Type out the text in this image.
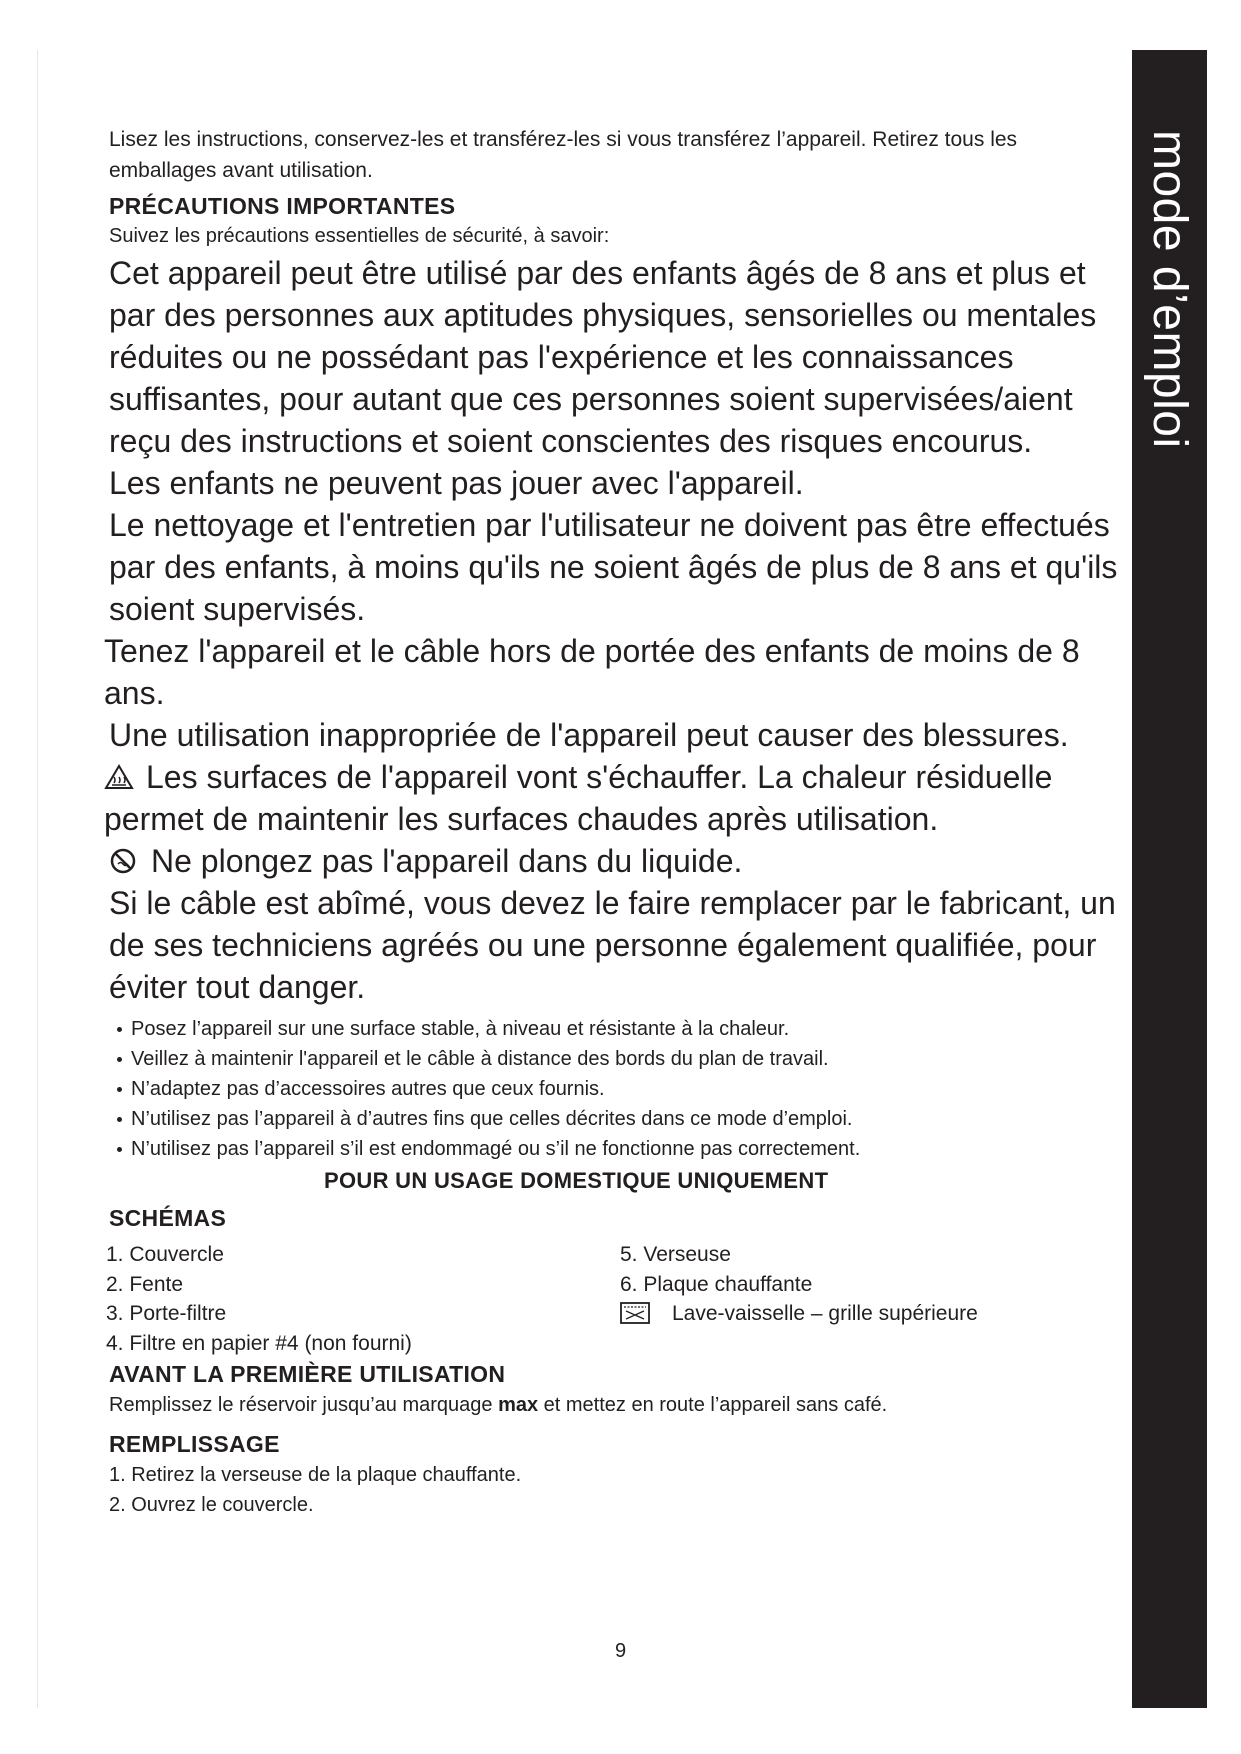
mode d’emploi

Lisez les instructions, conservez-les et transférez-les si vous transférez l’appareil. Retirez tous les emballages avant utilisation.

PRÉCAUTIONS IMPORTANTES

Suivez les précautions essentielles de sécurité, à savoir:

Cet appareil peut être utilisé par des enfants âgés de 8 ans et plus et par des personnes aux aptitudes physiques, sensorielles ou mentales réduites ou ne possédant pas l'expérience et les connaissances suffisantes, pour autant que ces personnes soient supervisées/aient reçu des instructions et soient conscientes des risques encourus.

Les enfants ne peuvent pas jouer avec l'appareil.

Le nettoyage et l'entretien par l'utilisateur ne doivent pas être effectués par des enfants, à moins qu'ils ne soient âgés de plus de 8 ans et qu'ils soient supervisés.

Tenez l'appareil et le câble hors de portée des enfants de moins de 8 ans.

Une utilisation inappropriée de l'appareil peut causer des blessures.

Les surfaces de l'appareil vont s'échauffer. La chaleur résiduelle permet de maintenir les surfaces chaudes après utilisation.

Ne plongez pas l'appareil dans du liquide.

Si le câble est abîmé, vous devez le faire remplacer par le fabricant, un de ses techniciens agréés ou une personne également qualifiée, pour éviter tout danger.

Posez l’appareil sur une surface stable, à niveau et résistante à la chaleur.
Veillez à maintenir l'appareil et le câble à distance des bords du plan de travail.
N’adaptez pas d’accessoires autres que ceux fournis.
N’utilisez pas l’appareil à d’autres fins que celles décrites dans ce mode d’emploi.
N’utilisez pas l’appareil s’il est endommagé ou s’il ne fonctionne pas correctement.

POUR UN USAGE DOMESTIQUE UNIQUEMENT

SCHÉMAS

1. Couvercle
2. Fente
3. Porte-filtre
4. Filtre en papier #4 (non fourni)
5. Verseuse
6. Plaque chauffante
Lave-vaisselle – grille supérieure

AVANT LA PREMIÈRE UTILISATION

Remplissez le réservoir jusqu’au marquage max et mettez en route l’appareil sans café.

REMPLISSAGE

1. Retirez la verseuse de la plaque chauffante.
2. Ouvrez le couvercle.
9
